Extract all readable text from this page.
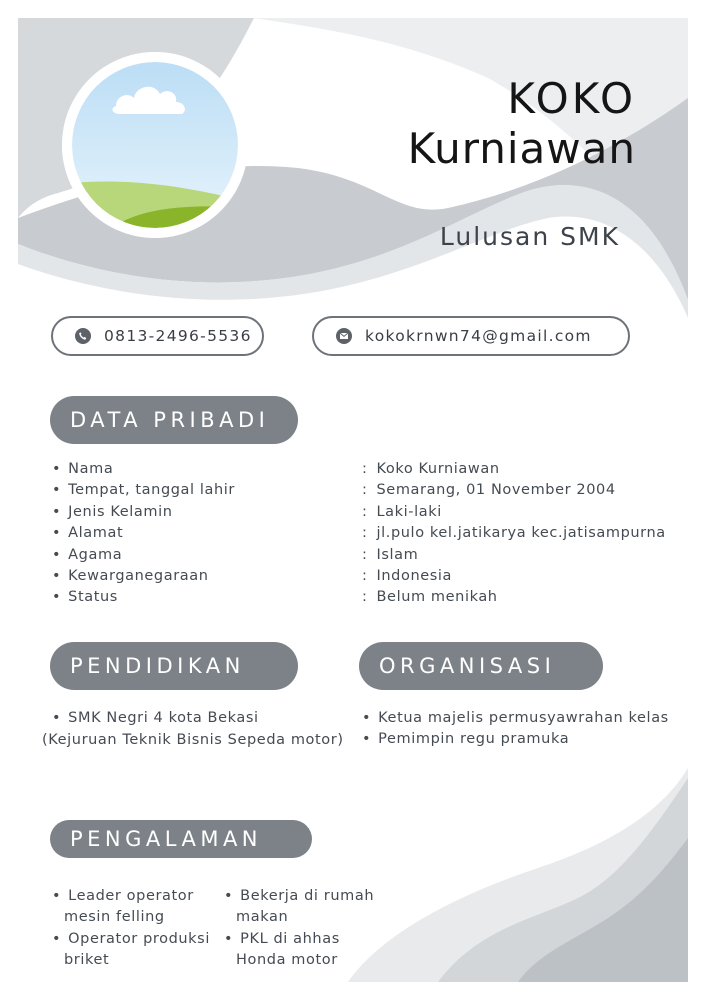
KOKO
Kurniawan
Lulusan SMK
0813-2496-5536	kokokrnwn74@gmail.com
DATA PRIBADI
• Nama
• Tempat, tanggal lahir
• Jenis Kelamin
• Alamat
• Agama
• Kewarganegaraan
• Status
: Koko Kurniawan
: Semarang, 01 November 2004
: Laki-laki
: jl.pulo kel.jatikarya kec.jatisampurna
: Islam
: Indonesia
: Belum menikah
PENDIDIKAN
• SMK Negri 4 kota Bekasi
(Kejuruan Teknik Bisnis Sepeda motor)
ORGANISASI
• Ketua majelis permusyawrahan kelas
• Pemimpin regu pramuka
PENGALAMAN
• Leader operator
mesin felling
• Operator produksi
briket
• Bekerja di rumah
makan
• PKL di ahhas
Honda motor
